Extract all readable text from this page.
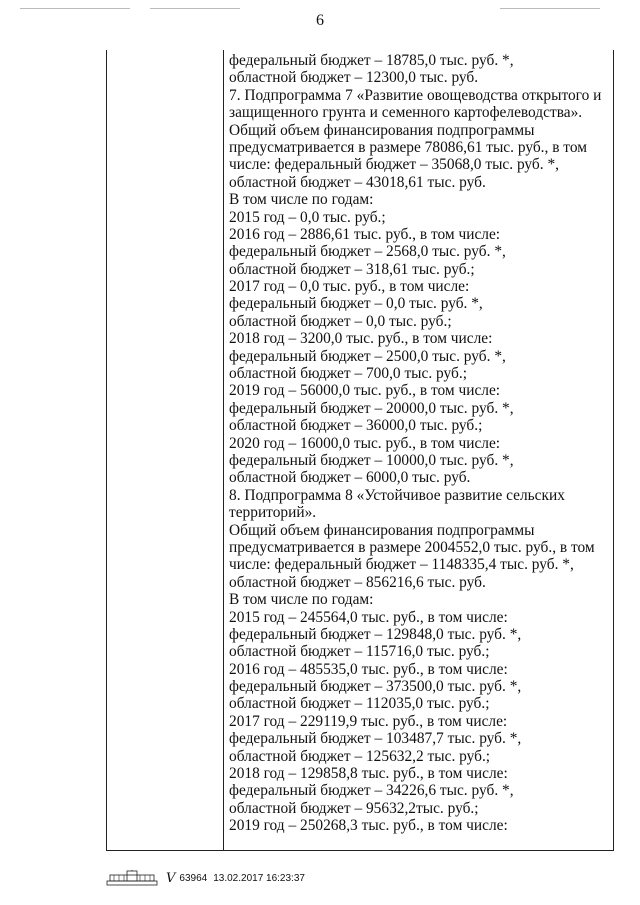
6
федеральный бюджет – 18785,0 тыс. руб. *,
областной бюджет – 12300,0 тыс. руб.
7. Подпрограмма 7 «Развитие овощеводства открытого и
защищенного грунта и семенного картофелеводства».
Общий объем финансирования подпрограммы
предусматривается в размере 78086,61 тыс. руб., в том
числе: федеральный бюджет – 35068,0 тыс. руб. *,
областной бюджет – 43018,61 тыс. руб.
В том числе по годам:
2015 год – 0,0 тыс. руб.;
2016 год – 2886,61 тыс. руб., в том числе:
федеральный бюджет – 2568,0 тыс. руб. *,
областной бюджет – 318,61 тыс. руб.;
2017 год – 0,0 тыс. руб., в том числе:
федеральный бюджет – 0,0 тыс. руб. *,
областной бюджет – 0,0 тыс. руб.;
2018 год – 3200,0 тыс. руб., в том числе:
федеральный бюджет – 2500,0 тыс. руб. *,
областной бюджет – 700,0 тыс. руб.;
2019 год – 56000,0 тыс. руб., в том числе:
федеральный бюджет – 20000,0 тыс. руб. *,
областной бюджет – 36000,0 тыс. руб.;
2020 год – 16000,0 тыс. руб., в том числе:
федеральный бюджет – 10000,0 тыс. руб. *,
областной бюджет – 6000,0 тыс. руб.
8. Подпрограмма 8 «Устойчивое развитие сельских
территорий».
Общий объем финансирования подпрограммы
предусматривается в размере 2004552,0 тыс. руб., в том
числе: федеральный бюджет – 1148335,4 тыс. руб. *,
областной бюджет – 856216,6 тыс. руб.
В том числе по годам:
2015 год – 245564,0 тыс. руб., в том числе:
федеральный бюджет – 129848,0 тыс. руб. *,
областной бюджет – 115716,0 тыс. руб.;
2016 год – 485535,0 тыс. руб., в том числе:
федеральный бюджет – 373500,0 тыс. руб. *,
областной бюджет – 112035,0 тыс. руб.;
2017 год – 229119,9 тыс. руб., в том числе:
федеральный бюджет – 103487,7 тыс. руб. *,
областной бюджет – 125632,2 тыс. руб.;
2018 год – 129858,8 тыс. руб., в том числе:
федеральный бюджет – 34226,6 тыс. руб. *,
областной бюджет – 95632,2тыс. руб.;
2019 год – 250268,3 тыс. руб., в том числе:
V 63964 13.02.2017 16:23:37
